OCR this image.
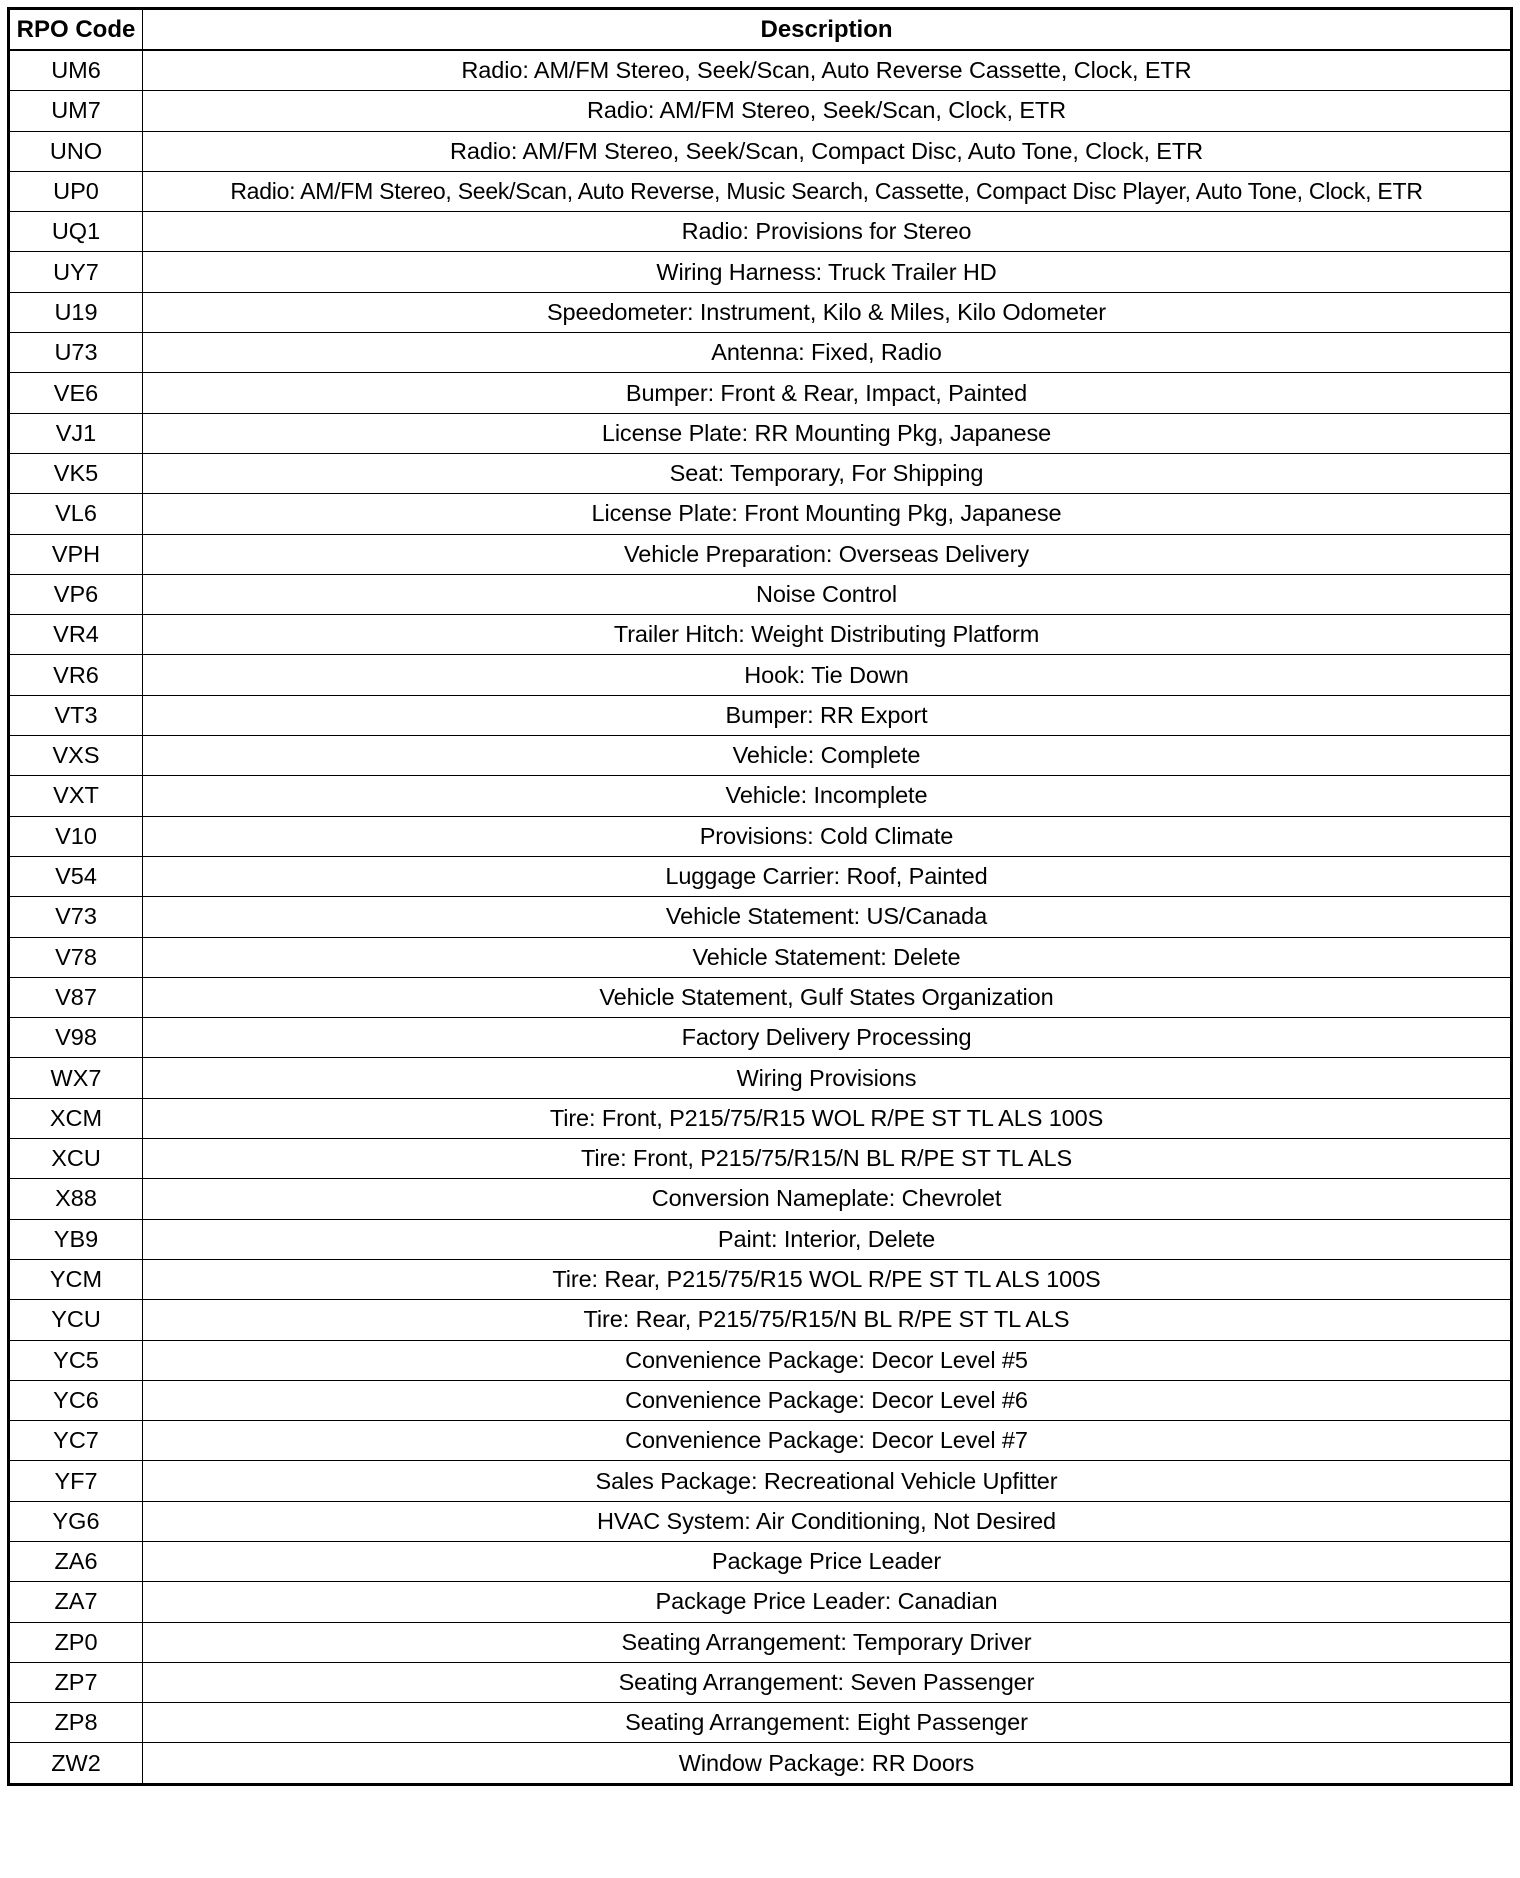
RPO Code	Description
UM6	Radio: AM/FM Stereo, Seek/Scan, Auto Reverse Cassette, Clock, ETR
UM7	Radio: AM/FM Stereo, Seek/Scan, Clock, ETR
UNO	Radio: AM/FM Stereo, Seek/Scan, Compact Disc, Auto Tone, Clock, ETR
UP0	Radio: AM/FM Stereo, Seek/Scan, Auto Reverse, Music Search, Cassette, Compact Disc Player, Auto Tone, Clock, ETR
UQ1	Radio: Provisions for Stereo
UY7	Wiring Harness: Truck Trailer HD
U19	Speedometer: Instrument, Kilo & Miles, Kilo Odometer
U73	Antenna: Fixed, Radio
VE6	Bumper: Front & Rear, Impact, Painted
VJ1	License Plate: RR Mounting Pkg, Japanese
VK5	Seat: Temporary, For Shipping
VL6	License Plate: Front Mounting Pkg, Japanese
VPH	Vehicle Preparation: Overseas Delivery
VP6	Noise Control
VR4	Trailer Hitch: Weight Distributing Platform
VR6	Hook: Tie Down
VT3	Bumper: RR Export
VXS	Vehicle: Complete
VXT	Vehicle: Incomplete
V10	Provisions: Cold Climate
V54	Luggage Carrier: Roof, Painted
V73	Vehicle Statement: US/Canada
V78	Vehicle Statement: Delete
V87	Vehicle Statement, Gulf States Organization
V98	Factory Delivery Processing
WX7	Wiring Provisions
XCM	Tire: Front, P215/75/R15 WOL R/PE ST TL ALS 100S
XCU	Tire: Front, P215/75/R15/N BL R/PE ST TL ALS
X88	Conversion Nameplate: Chevrolet
YB9	Paint: Interior, Delete
YCM	Tire: Rear, P215/75/R15 WOL R/PE ST TL ALS 100S
YCU	Tire: Rear, P215/75/R15/N BL R/PE ST TL ALS
YC5	Convenience Package: Decor Level #5
YC6	Convenience Package: Decor Level #6
YC7	Convenience Package: Decor Level #7
YF7	Sales Package: Recreational Vehicle Upfitter
YG6	HVAC System: Air Conditioning, Not Desired
ZA6	Package Price Leader
ZA7	Package Price Leader: Canadian
ZP0	Seating Arrangement: Temporary Driver
ZP7	Seating Arrangement: Seven Passenger
ZP8	Seating Arrangement: Eight Passenger
ZW2	Window Package: RR Doors
